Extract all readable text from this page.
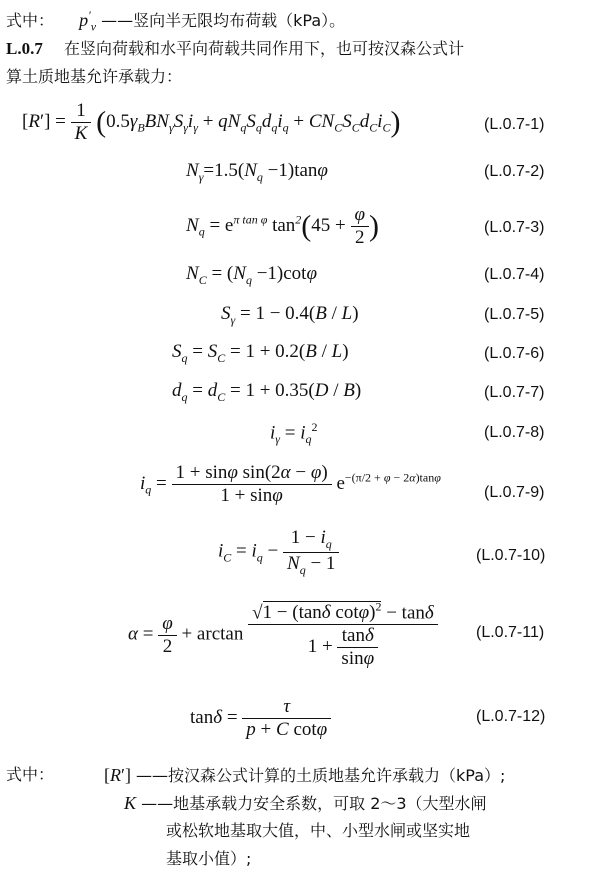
式中： $p'_v$ ——竖向半无限均布荷载（kPa）。
L.0.7 在竖向荷载和水平向荷载共同作用下，也可按汉森公式计
算土质地基允许承载力：
$[R'] = \frac{1}{K} (0.5\gamma_BBN_\gamma S_\gamma i_\gamma + qN_qS_qd_qi_q + CN_CS_Cd_Ci_C)$	(L.0.7-1)
$N_\gamma=1.5(N_q -1)\tan\varphi$	(L.0.7-2)
$N_q = e^{\pi tan \varphi}$ $\tan^2(45 + \frac{\varphi}{2}$ )	(L.0.7-3)
$N_C = (N_q -1)\cot\varphi$	(L.0.7-4)
$S_\gamma = 1 - 0.4(B / L)$	(L.0.7-5)
$S_q = S_C = 1 + 0.2(B / L)$	(L.0.7-6)
$d_q = d_C = 1 + 0.35(D / B)$	(L.0.7-7)
$i_\gamma = i_q^2$	(L.0.7-8)
$i_q = \frac{\text{1 + sinφ sin(2α − φ)}}{1 + \sin\varphi} e^{-(\pi/2 + \varphi - 2\alpha)tan\varphi}$
(L.0.7-9)
$i_C = i_q - \frac{1 - i_q}{N_q - 1}$	(L.0.7-10)
$\alpha = \frac{\varphi}{2} + \arctan \frac{√1 - (\tan\delta \cot\varphi)^2 - \tan\delta}{1 + \frac{\tan\delta}{\sin\varphi}} (L.0.7-11)$
$\tan\delta = \frac{\tau}{\text{p + C cotφ}}$	(L.0.7-12)
式中：	[R′] ——按汉森公式计算的土质地基允许承载力（kPa）;
K ——地基承载力安全系数，可取 2～3（大型水闸
或松软地基取大值，中、小型水闸或坚实地
基取小值）;
